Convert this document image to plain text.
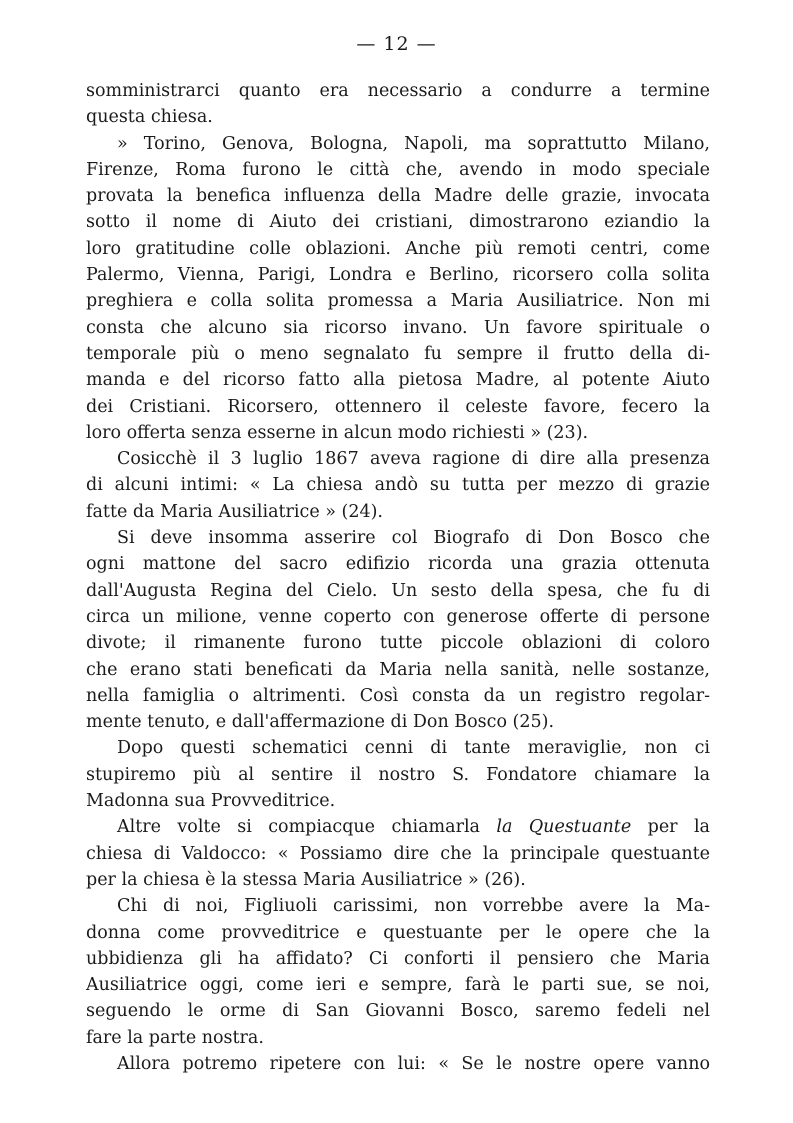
— 12 —
somministrarci quanto era necessario a condurre a termine
questa chiesa.
» Torino, Genova, Bologna, Napoli, ma soprattutto Milano,
Firenze, Roma furono le città che, avendo in modo speciale
provata la benefica influenza della Madre delle grazie, invocata
sotto il nome di Aiuto dei cristiani, dimostrarono eziandio la
loro gratitudine colle oblazioni. Anche più remoti centri, come
Palermo, Vienna, Parigi, Londra e Berlino, ricorsero colla solita
preghiera e colla solita promessa a Maria Ausiliatrice. Non mi
consta che alcuno sia ricorso invano. Un favore spirituale o
temporale più o meno segnalato fu sempre il frutto della di-
manda e del ricorso fatto alla pietosa Madre, al potente Aiuto
dei Cristiani. Ricorsero, ottennero il celeste favore, fecero la
loro offerta senza esserne in alcun modo richiesti » (23).
Cosicchè il 3 luglio 1867 aveva ragione di dire alla presenza
di alcuni intimi: « La chiesa andò su tutta per mezzo di grazie
fatte da Maria Ausiliatrice » (24).
Si deve insomma asserire col Biografo di Don Bosco che
ogni mattone del sacro edifizio ricorda una grazia ottenuta
dall'Augusta Regina del Cielo. Un sesto della spesa, che fu di
circa un milione, venne coperto con generose offerte di persone
divote; il rimanente furono tutte piccole oblazioni di coloro
che erano stati beneficati da Maria nella sanità, nelle sostanze,
nella famiglia o altrimenti. Così consta da un registro regolar-
mente tenuto, e dall'affermazione di Don Bosco (25).
Dopo questi schematici cenni di tante meraviglie, non ci
stupiremo più al sentire il nostro S. Fondatore chiamare la
Madonna sua Provveditrice.
Altre volte si compiacque chiamarla la Questuante per la
chiesa di Valdocco: « Possiamo dire che la principale questuante
per la chiesa è la stessa Maria Ausiliatrice » (26).
Chi di noi, Figliuoli carissimi, non vorrebbe avere la Ma-
donna come provveditrice e questuante per le opere che la
ubbidienza gli ha affidato? Ci conforti il pensiero che Maria
Ausiliatrice oggi, come ieri e sempre, farà le parti sue, se noi,
seguendo le orme di San Giovanni Bosco, saremo fedeli nel
fare la parte nostra.
Allora potremo ripetere con lui: « Se le nostre opere vanno
